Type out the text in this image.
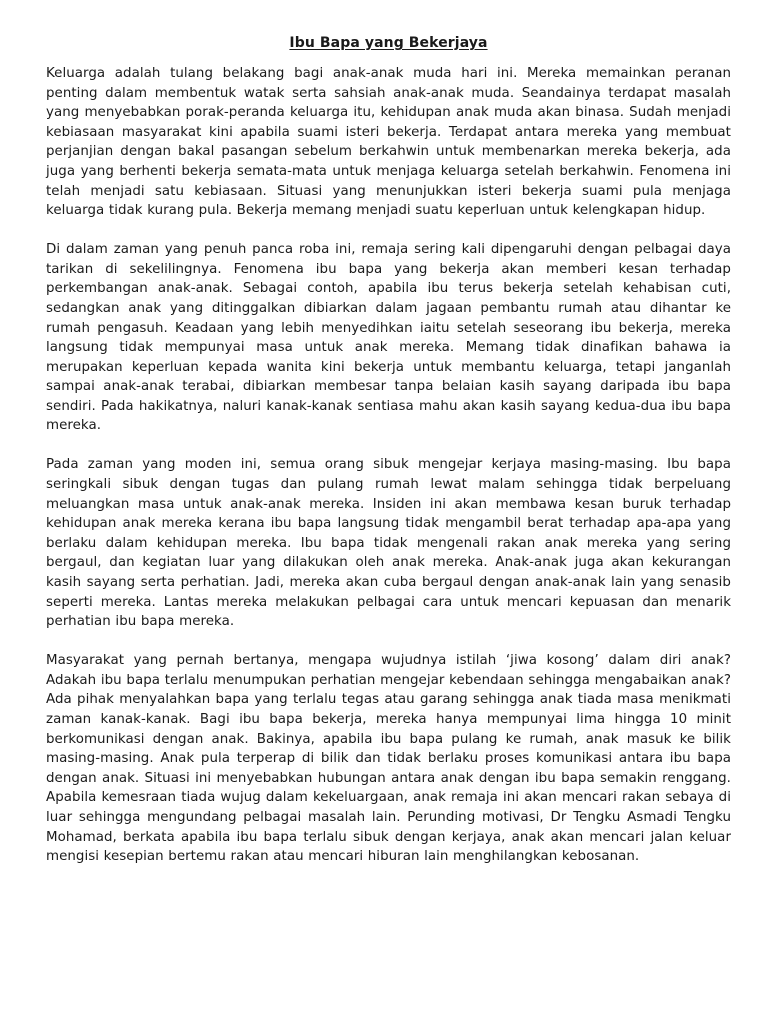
Ibu Bapa yang Bekerjaya

Keluarga adalah tulang belakang bagi anak-anak muda hari ini. Mereka memainkan peranan penting dalam membentuk watak serta sahsiah anak-anak muda. Seandainya terdapat masalah yang menyebabkan porak-peranda keluarga itu, kehidupan anak muda akan binasa. Sudah menjadi kebiasaan masyarakat kini apabila suami isteri bekerja. Terdapat antara mereka yang membuat perjanjian dengan bakal pasangan sebelum berkahwin untuk membenarkan mereka bekerja, ada juga yang berhenti bekerja semata-mata untuk menjaga keluarga setelah berkahwin. Fenomena ini telah menjadi satu kebiasaan. Situasi yang menunjukkan isteri bekerja suami pula menjaga keluarga tidak kurang pula. Bekerja memang menjadi suatu keperluan untuk kelengkapan hidup.

Di dalam zaman yang penuh panca roba ini, remaja sering kali dipengaruhi dengan pelbagai daya tarikan di sekelilingnya. Fenomena ibu bapa yang bekerja akan memberi kesan terhadap perkembangan anak-anak. Sebagai contoh, apabila ibu terus bekerja setelah kehabisan cuti, sedangkan anak yang ditinggalkan dibiarkan dalam jagaan pembantu rumah atau dihantar ke rumah pengasuh. Keadaan yang lebih menyedihkan iaitu setelah seseorang ibu bekerja, mereka langsung tidak mempunyai masa untuk anak mereka. Memang tidak dinafikan bahawa ia merupakan keperluan kepada wanita kini bekerja untuk membantu keluarga, tetapi janganlah sampai anak-anak terabai, dibiarkan membesar tanpa belaian kasih sayang daripada ibu bapa sendiri. Pada hakikatnya, naluri kanak-kanak sentiasa mahu akan kasih sayang kedua-dua ibu bapa mereka.

Pada zaman yang moden ini, semua orang sibuk mengejar kerjaya masing-masing. Ibu bapa seringkali sibuk dengan tugas dan pulang rumah lewat malam sehingga tidak berpeluang meluangkan masa untuk anak-anak mereka. Insiden ini akan membawa kesan buruk terhadap kehidupan anak mereka kerana ibu bapa langsung tidak mengambil berat terhadap apa-apa yang berlaku dalam kehidupan mereka. Ibu bapa tidak mengenali rakan anak mereka yang sering bergaul, dan kegiatan luar yang dilakukan oleh anak mereka. Anak-anak juga akan kekurangan kasih sayang serta perhatian. Jadi, mereka akan cuba bergaul dengan anak-anak lain yang senasib seperti mereka. Lantas mereka melakukan pelbagai cara untuk mencari kepuasan dan menarik perhatian ibu bapa mereka.

Masyarakat yang pernah bertanya, mengapa wujudnya istilah ‘jiwa kosong’ dalam diri anak? Adakah ibu bapa terlalu menumpukan perhatian mengejar kebendaan sehingga mengabaikan anak? Ada pihak menyalahkan bapa yang terlalu tegas atau garang sehingga anak tiada masa menikmati zaman kanak-kanak. Bagi ibu bapa bekerja, mereka hanya mempunyai lima hingga 10 minit berkomunikasi dengan anak. Bakinya, apabila ibu bapa pulang ke rumah, anak masuk ke bilik masing-masing. Anak pula terperap di bilik dan tidak berlaku proses komunikasi antara ibu bapa dengan anak. Situasi ini menyebabkan hubungan antara anak dengan ibu bapa semakin renggang. Apabila kemesraan tiada wujug dalam kekeluargaan, anak remaja ini akan mencari rakan sebaya di luar sehingga mengundang pelbagai masalah lain. Perunding motivasi, Dr Tengku Asmadi Tengku Mohamad, berkata apabila ibu bapa terlalu sibuk dengan kerjaya, anak akan mencari jalan keluar mengisi kesepian bertemu rakan atau mencari hiburan lain menghilangkan kebosanan.
